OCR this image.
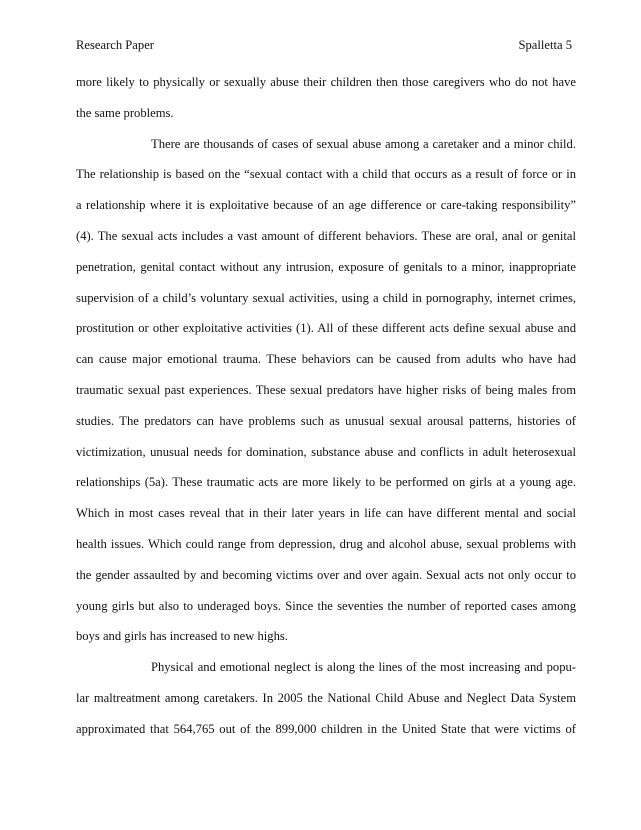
Research Paper	Spalletta 5
more likely to physically or sexually abuse their children then those caregivers who do not have
the same problems.
There are thousands of cases of sexual abuse among a caretaker and a minor child.
The relationship is based on the “sexual contact with a child that occurs as a result of force or in
a relationship where it is exploitative because of an age difference or care-taking responsibility”
(4). The sexual acts includes a vast amount of different behaviors. These are oral, anal or genital
penetration, genital contact without any intrusion, exposure of genitals to a minor, inappropriate
supervision of a child’s voluntary sexual activities, using a child in pornography, internet crimes,
prostitution or other exploitative activities (1). All of these different acts define sexual abuse and
can cause major emotional trauma. These behaviors can be caused from adults who have had
traumatic sexual past experiences. These sexual predators have higher risks of being males from
studies. The predators can have problems such as unusual sexual arousal patterns, histories of
victimization, unusual needs for domination, substance abuse and conflicts in adult heterosexual
relationships (5a). These traumatic acts are more likely to be performed on girls at a young age.
Which in most cases reveal that in their later years in life can have different mental and social
health issues. Which could range from depression, drug and alcohol abuse, sexual problems with
the gender assaulted by and becoming victims over and over again. Sexual acts not only occur to
young girls but also to underaged boys. Since the seventies the number of reported cases among
boys and girls has increased to new highs.
Physical and emotional neglect is along the lines of the most increasing and popu-
lar maltreatment among caretakers. In 2005 the National Child Abuse and Neglect Data System
approximated that 564,765 out of the 899,000 children in the United State that were victims of
